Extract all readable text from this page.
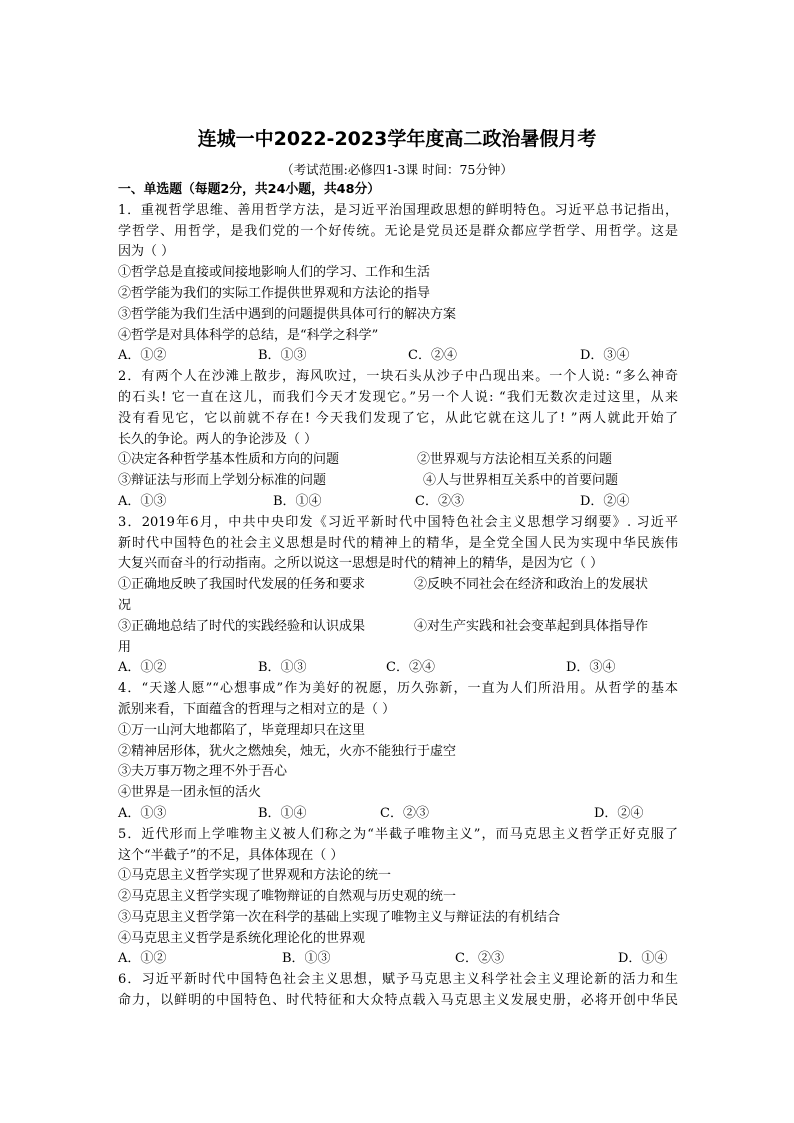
连城一中2022-2023学年度高二政治暑假月考
（考试范围:必修四1-3课 时间：75分钟）
一、单选题（每题2分，共24小题，共48分）
1．重视哲学思维、善用哲学方法，是习近平治国理政思想的鲜明特色。习近平总书记指出，
学哲学、用哲学，是我们党的一个好传统。无论是党员还是群众都应学哲学、用哲学。这是
因为（ ）
①哲学总是直接或间接地影响人们的学习、工作和生活
②哲学能为我们的实际工作提供世界观和方法论的指导
③哲学能为我们生活中遇到的问题提供具体可行的解决方案
④哲学是对具体科学的总结，是“科学之科学”
A．①②	B．①③	C．②④	D．③④
2．有两个人在沙滩上散步，海风吹过，一块石头从沙子中凸现出来。一个人说: “多么神奇
的石头! 它一直在这儿，而我们今天才发现它。”另一个人说: “我们无数次走过这里，从来
没有看见它，它以前就不存在! 今天我们发现了它，从此它就在这儿了! ”两人就此开始了
长久的争论。两人的争论涉及（ ）
①决定各种哲学基本性质和方向的问题	②世界观与方法论相互关系的问题
③辩证法与形而上学划分标准的问题	④人与世界相互关系中的首要问题
A．①③	B．①④	C．②③	D．②④
3．2019年6月，中共中央印发《习近平新时代中国特色社会主义思想学习纲要》. 习近平
新时代中国特色的社会主义思想是时代的精神上的精华，是全党全国人民为实现中华民族伟
大复兴而奋斗的行动指南。之所以说这一思想是时代的精神上的精华，是因为它（ ）
①正确地反映了我国时代发展的任务和要求	②反映不同社会在经济和政治上的发展状
况
③正确地总结了时代的实践经验和认识成果	④对生产实践和社会变革起到具体指导作
用
A．①②	B．①③	C．②④	D．③④
4．“天遂人愿”“心想事成”作为美好的祝愿，历久弥新，一直为人们所沿用。从哲学的基本
派别来看，下面蕴含的哲理与之相对立的是（ ）
①万一山河大地都陷了，毕竟理却只在这里
②精神居形体，犹火之燃烛矣，烛无，火亦不能独行于虚空
③夫万事万物之理不外于吾心
④世界是一团永恒的活火
A．①③	B．①④	C．②③	D．②④
5．近代形而上学唯物主义被人们称之为“半截子唯物主义”，而马克思主义哲学正好克服了
这个“半截子”的不足，具体体现在（ ）
①马克思主义哲学实现了世界观和方法论的统一
②马克思主义哲学实现了唯物辩证的自然观与历史观的统一
③马克思主义哲学第一次在科学的基础上实现了唯物主义与辩证法的有机结合
④马克思主义哲学是系统化理论化的世界观
A．①②	B．①③	C．②③	D．①④
6．习近平新时代中国特色社会主义思想，赋予马克思主义科学社会主义理论新的活力和生
命力，以鲜明的中国特色、时代特征和大众特点载入马克思主义发展史册，必将开创中华民
